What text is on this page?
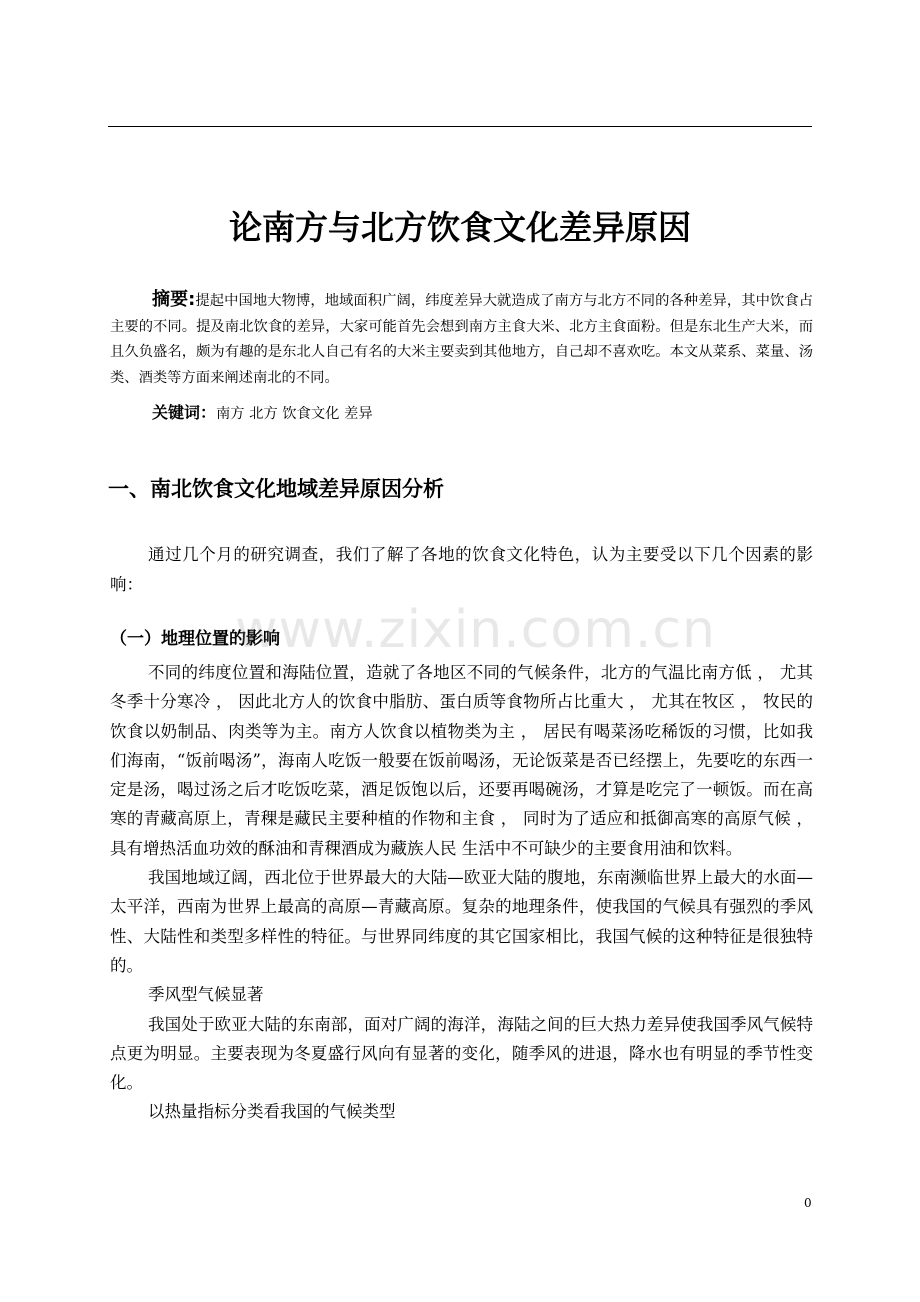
论南方与北方饮食文化差异原因

摘要:提起中国地大物博，地域面积广阔，纬度差异大就造成了南方与北方不同的各种差异，其中饮食占主要的不同。提及南北饮食的差异，大家可能首先会想到南方主食大米、北方主食面粉。但是东北生产大米，而且久负盛名，颇为有趣的是东北人自己有名的大米主要卖到其他地方，自己却不喜欢吃。本文从菜系、菜量、汤类、酒类等方面来阐述南北的不同。

关键词：南方 北方 饮食文化 差异

一、南北饮食文化地域差异原因分析

通过几个月的研究调查，我们了解了各地的饮食文化特色，认为主要受以下几个因素的影响：

（一）地理位置的影响

不同的纬度位置和海陆位置，造就了各地区不同的气候条件，北方的气温比南方低 ， 尤其冬季十分寒冷 ， 因此北方人的饮食中脂肪、蛋白质等食物所占比重大 ， 尤其在牧区 ， 牧民的饮食以奶制品、肉类等为主。南方人饮食以植物类为主 ， 居民有喝菜汤吃稀饭的习惯，比如我们海南，“饭前喝汤”，海南人吃饭一般要在饭前喝汤，无论饭菜是否已经摆上，先要吃的东西一定是汤，喝过汤之后才吃饭吃菜，酒足饭饱以后，还要再喝碗汤，才算是吃完了一顿饭。而在高寒的青藏高原上，青稞是藏民主要种植的作物和主食 ， 同时为了适应和抵御高寒的高原气候 ， 具有增热活血功效的酥油和青稞酒成为藏族人民 生活中不可缺少的主要食用油和饮料。

我国地域辽阔，西北位于世界最大的大陆—欧亚大陆的腹地，东南濒临世界上最大的水面—太平洋，西南为世界上最高的高原—青藏高原。复杂的地理条件，使我国的气候具有强烈的季风性、大陆性和类型多样性的特征。与世界同纬度的其它国家相比，我国气候的这种特征是很独特的。

季风型气候显著

我国处于欧亚大陆的东南部，面对广阔的海洋，海陆之间的巨大热力差异使我国季风气候特点更为明显。主要表现为冬夏盛行风向有显著的变化，随季风的进退，降水也有明显的季节性变化。

以热量指标分类看我国的气候类型

www.zixin.com.cn
0
